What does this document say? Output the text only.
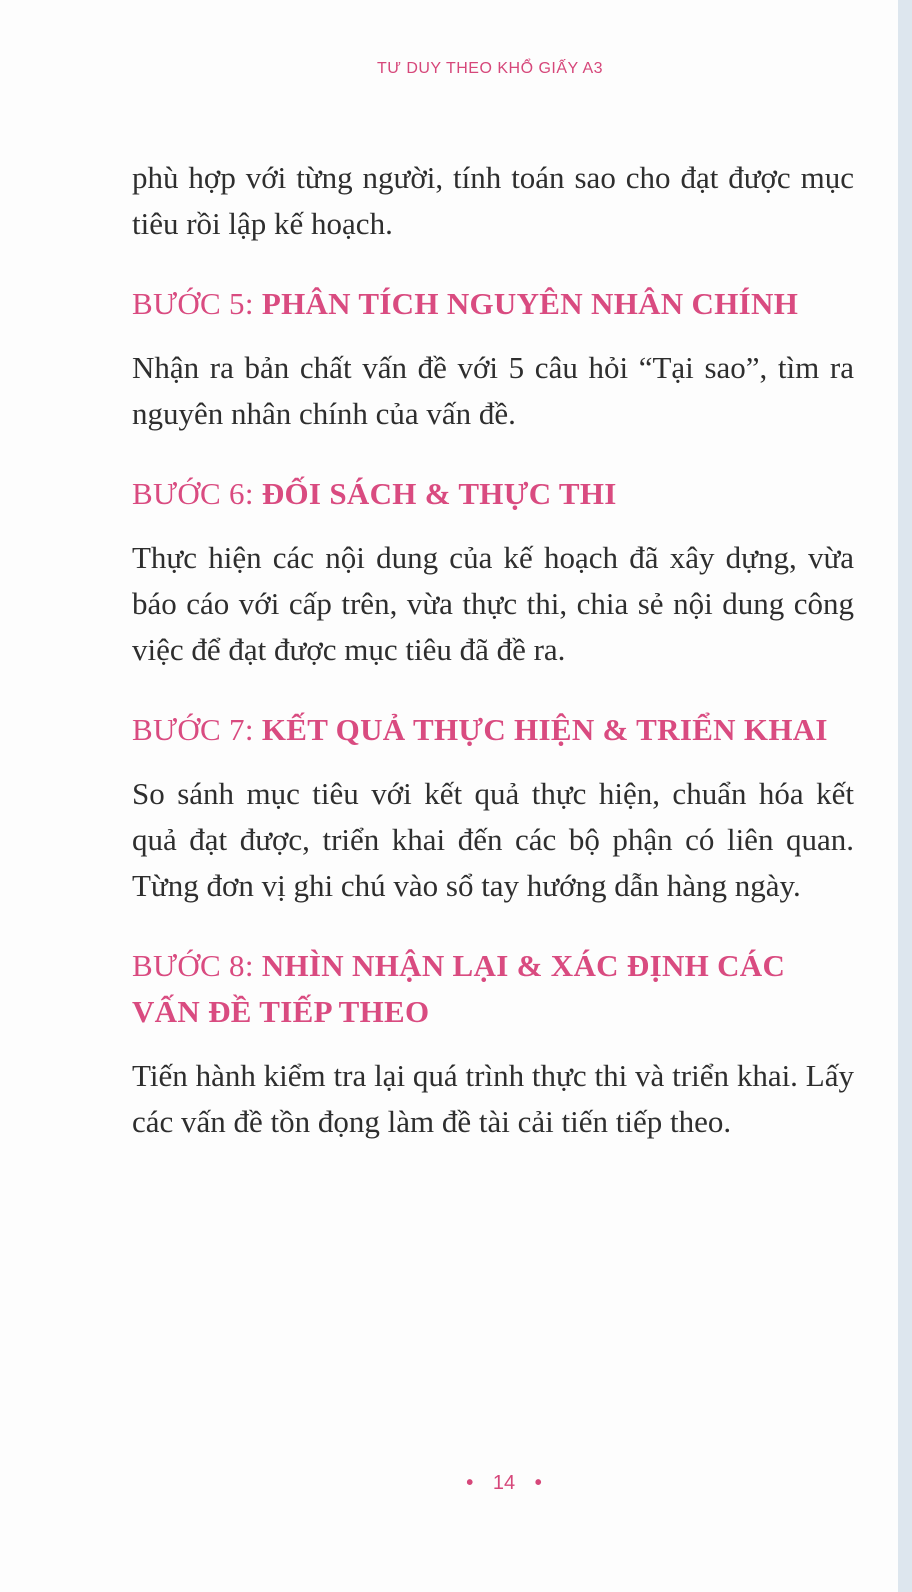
TƯ DUY THEO KHỔ GIẤY A3

phù hợp với từng người, tính toán sao cho đạt được mục tiêu rồi lập kế hoạch.

BƯỚC 5: PHÂN TÍCH NGUYÊN NHÂN CHÍNH

Nhận ra bản chất vấn đề với 5 câu hỏi “Tại sao”, tìm ra nguyên nhân chính của vấn đề.

BƯỚC 6: ĐỐI SÁCH & THỰC THI

Thực hiện các nội dung của kế hoạch đã xây dựng, vừa báo cáo với cấp trên, vừa thực thi, chia sẻ nội dung công việc để đạt được mục tiêu đã đề ra.

BƯỚC 7: KẾT QUẢ THỰC HIỆN & TRIỂN KHAI

So sánh mục tiêu với kết quả thực hiện, chuẩn hóa kết quả đạt được, triển khai đến các bộ phận có liên quan. Từng đơn vị ghi chú vào sổ tay hướng dẫn hàng ngày.

BƯỚC 8: NHÌN NHẬN LẠI & XÁC ĐỊNH CÁC VẤN ĐỀ TIẾP THEO

Tiến hành kiểm tra lại quá trình thực thi và triển khai. Lấy các vấn đề tồn đọng làm đề tài cải tiến tiếp theo.

• 14 •
